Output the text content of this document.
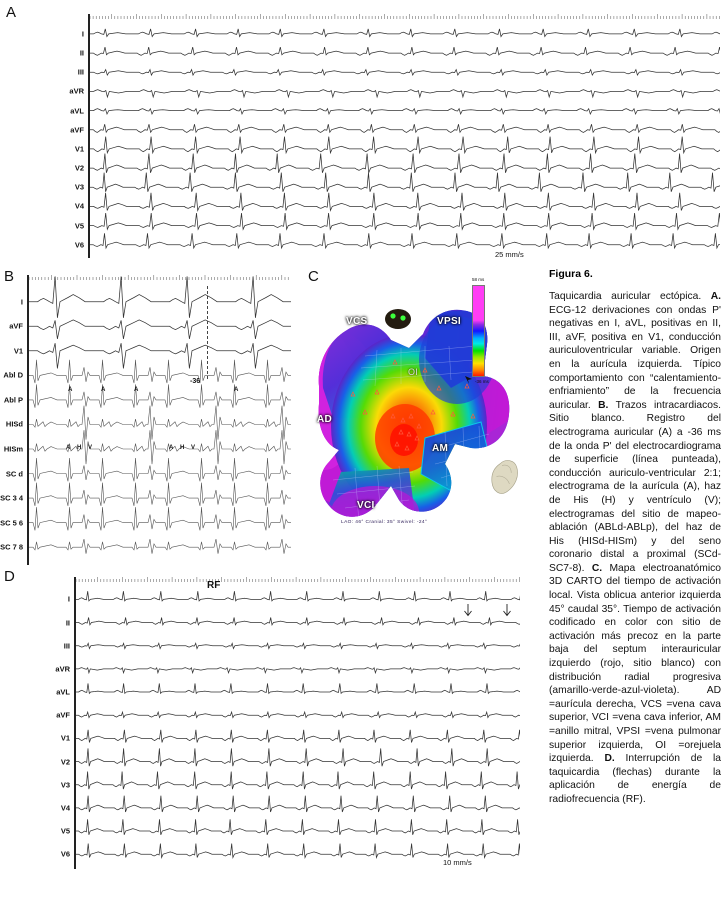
A
I
II
III
aVR
aVL
aVF
V1
V2
V3
V4
V5
V6
25 mm/s
B
I
aVF
V1
Abl D
Abl P
HISd
HISm
SC d
SC 3 4
SC 5 6
SC 7 8
-36
C
VCS	VPSI
OI
AD
AM
VCI
58 ms
-36 ms
LAO: 46° Cranial: 35° Swivel: -24°
D
I
II
III
aVR
aVL
aVF
V1
V2
V3
V4
V5
V6
RF
10 mm/s
Figura 6.

Taquicardia auricular ectópica. A. ECG-12 derivaciones con ondas P' negativas en I, aVL, positivas en II, III, aVF, positiva en V1, conducción auriculoventricular variable. Origen en la aurícula izquierda. Típico comportamiento con “calentamiento-enfriamiento” de la frecuencia auricular. B. Trazos intracardiacos. Sitio blanco. Registro del electrograma auricular (A) a -36 ms de la onda P' del electrocardiograma de superficie (línea punteada), conducción auriculo-ventricular 2:1; electrograma de la aurícula (A), haz de His (H) y ventrículo (V); electrogramas del sitio de mapeo-ablación (ABLd-ABLp), del haz de His (HISd-HISm) y del seno coronario distal a proximal (SCd-SC7-8). C. Mapa electroanatómico 3D CARTO del tiempo de activación local. Vista oblicua anterior izquierda 45° caudal 35°. Tiempo de activación codificado en color con sitio de activación más precoz en la parte baja del septum interauricular izquierdo (rojo, sitio blanco) con distribución radial progresiva (amarillo-verde-azul-violeta). AD =aurícula derecha, VCS =vena cava superior, VCI =vena cava inferior, AM =anillo mitral, VPSI =vena pulmonar superior izquierda, OI =orejuela izquierda. D. Interrupción de la taquicardia (flechas) durante la aplicación de energía de radiofrecuencia (RF).

A	A	A	A
A H V	A H V
